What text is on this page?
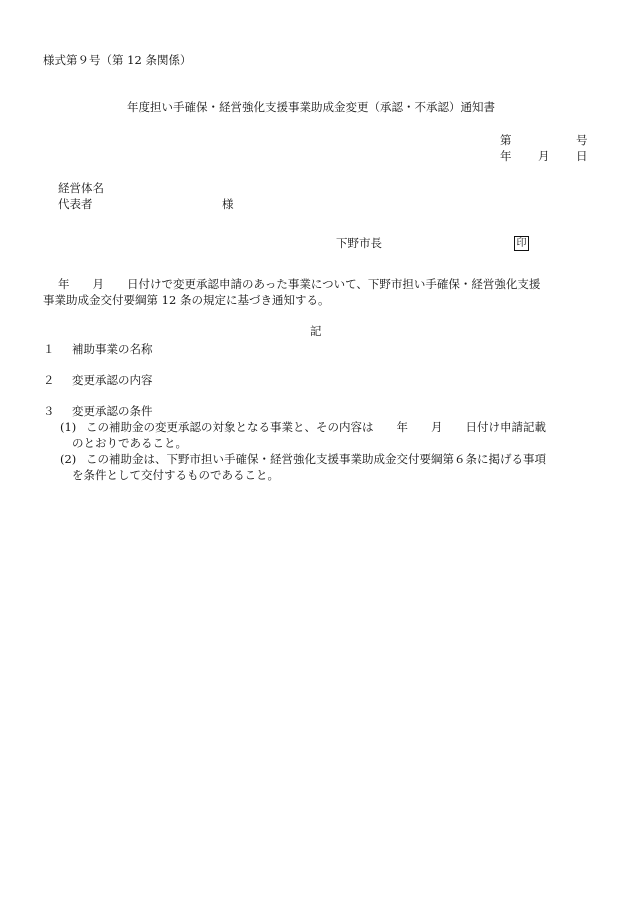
様式第９号（第 12 条関係）
年度担い手確保・経営強化支援事業助成金変更（承認・不承認）通知書
第	号
年 月 日
経営体名
代表者	様
下野市長	印
年　　月　　日付けで変更承認申請のあった事業について、下野市担い手確保・経営強化支援
事業助成金交付要綱第 12 条の規定に基づき通知する。
記
１ 補助事業の名称
２ 変更承認の内容
３ 変更承認の条件
(1) この補助金の変更承認の対象となる事業と、その内容は　　年　　月　　日付け申請記載
のとおりであること。
(2) この補助金は、下野市担い手確保・経営強化支援事業助成金交付要綱第６条に掲げる事項
を条件として交付するものであること。
